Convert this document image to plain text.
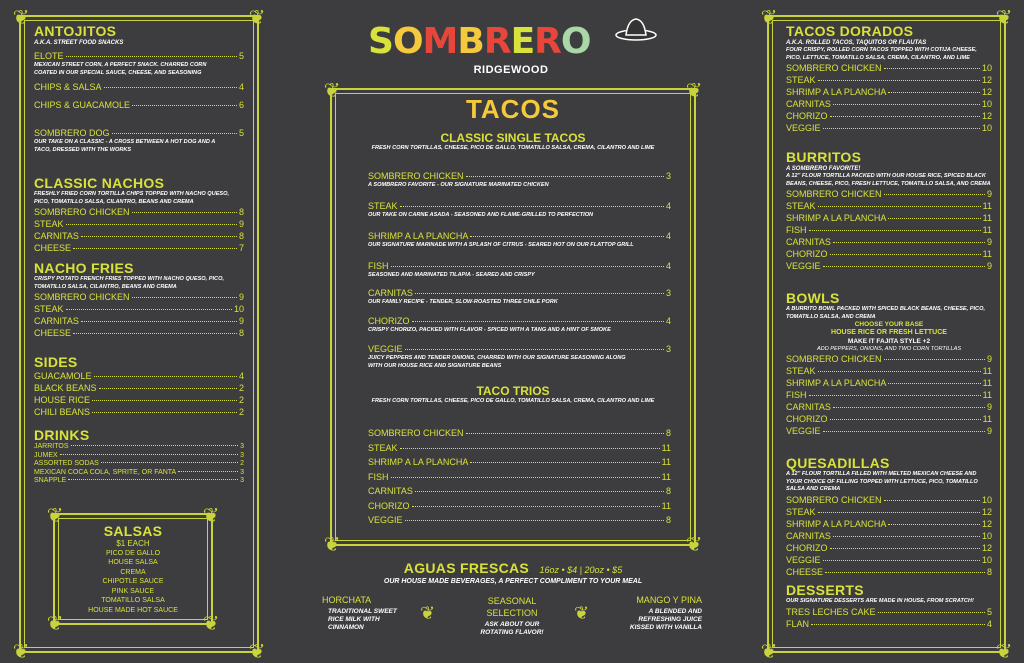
❦	❦
❦	❦
ANTOJITOS
A.K.A. STREET FOOD SNACKS
ELOTE	5
MEXICAN STREET CORN, A PERFECT SNACK. CHARRED CORN COATED IN OUR SPECIAL SAUCE, CHEESE, AND SEASONING
CHIPS & SALSA	4
CHIPS & GUACAMOLE	6
SOMBRERO DOG	5
OUR TAKE ON A CLASSIC - A CROSS BETWEEN A HOT DOG AND A TACO, DRESSED WITH THE WORKS
CLASSIC NACHOS
FRESHLY FRIED CORN TORTILLA CHIPS TOPPED WITH NACHO QUESO, PICO, TOMATILLO SALSA, CILANTRO, BEANS AND CREMA
SOMBRERO CHICKEN	8
STEAK	9
CARNITAS	8
CHEESE	7
NACHO FRIES
CRISPY POTATO FRENCH FRIES TOPPED WITH NACHO QUESO, PICO, TOMATILLO SALSA, CILANTRO, BEANS AND CREMA
SOMBRERO CHICKEN	9
STEAK	10
CARNITAS	9
CHEESE	8
SIDES
GUACAMOLE	4
BLACK BEANS	2
HOUSE RICE	2
CHILI BEANS	2
DRINKS
JARRITOS	3
JUMEX	3
ASSORTED SODAS	2
MEXICAN COCA COLA, SPRITE, OR FANTA	3
SNAPPLE	3
❦	❦
❦	❦
SALSAS
$1 EACH
PICO DE GALLO
HOUSE SALSA
CREMA
CHIPOTLE SAUCE
PINK SAUCE
TOMATILLO SALSA
HOUSE MADE HOT SAUCE
SOMBRERO
RIDGEWOOD
❦	❦
❦	❦
TACOS
CLASSIC SINGLE TACOS
FRESH CORN TORTILLAS, CHEESE, PICO DE GALLO, TOMATILLO SALSA, CREMA, CILANTRO AND LIME
SOMBRERO CHICKEN	3
A SOMBRERO FAVORITE - OUR SIGNATURE MARINATED CHICKEN
STEAK	4
OUR TAKE ON CARNE ASADA - SEASONED AND FLAME-GRILLED TO PERFECTION
SHRIMP A LA PLANCHA	4
OUR SIGNATURE MARINADE WITH A SPLASH OF CITRUS - SEARED HOT ON OUR FLATTOP GRILL
FISH	4
SEASONED AND MARINATED TILAPIA - SEARED AND CRISPY
CARNITAS	3
OUR FAMILY RECIPE - TENDER, SLOW-ROASTED THREE CHILE PORK
CHORIZO	4
CRISPY CHORIZO, PACKED WITH FLAVOR - SPICED WITH A TANG AND A HINT OF SMOKE
VEGGIE	3
JUICY PEPPERS AND TENDER ONIONS, CHARRED WITH OUR SIGNATURE SEASONING ALONG WITH OUR HOUSE RICE AND SIGNATURE BEANS
TACO TRIOS
FRESH CORN TORTILLAS, CHEESE, PICO DE GALLO, TOMATILLO SALSA, CREMA, CILANTRO AND LIME
SOMBRERO CHICKEN	8
STEAK	11
SHRIMP A LA PLANCHA	11
FISH	11
CARNITAS	8
CHORIZO	11
VEGGIE	8
AGUAS FRESCAS 16oz • $4 | 20oz • $5
OUR HOUSE MADE BEVERAGES, A PERFECT COMPLIMENT TO YOUR MEAL
HORCHATA
TRADITIONAL SWEET RICE MILK WITH CINNAMON
❦
SEASONAL SELECTION
ASK ABOUT OUR ROTATING FLAVOR!
❦
MANGO Y PINA
A BLENDED AND REFRESHING JUICE KISSED WITH VANILLA
❦	❦
❦	❦
TACOS DORADOS
A.K.A. ROLLED TACOS, TAQUITOS OR FLAUTAS
FOUR CRISPY, ROLLED CORN TACOS TOPPED WITH COTIJA CHEESE, PICO, LETTUCE, TOMATILLO SALSA, CREMA, CILANTRO, AND LIME
SOMBRERO CHICKEN	10
STEAK	12
SHRIMP A LA PLANCHA	12
CARNITAS	10
CHORIZO	12
VEGGIE	10
BURRITOS
A SOMBRERO FAVORITE!
A 12" FLOUR TORTILLA PACKED WITH OUR HOUSE RICE, SPICED BLACK BEANS, CHEESE, PICO, FRESH LETTUCE, TOMATILLO SALSA, AND CREMA
SOMBRERO CHICKEN	9
STEAK	11
SHRIMP A LA PLANCHA	11
FISH	11
CARNITAS	9
CHORIZO	11
VEGGIE	9
BOWLS
A BURRITO BOWL PACKED WITH SPICED BLACK BEANS, CHEESE, PICO, TOMATILLO SALSA, AND CREMA
CHOOSE YOUR BASE
HOUSE RICE OR FRESH LETTUCE
MAKE IT FAJITA STYLE +2
ADD PEPPERS, ONIONS, AND TWO CORN TORTILLAS
SOMBRERO CHICKEN	9
STEAK	11
SHRIMP A LA PLANCHA	11
FISH	11
CARNITAS	9
CHORIZO	11
VEGGIE	9
QUESADILLAS
A 12" FLOUR TORTILLA FILLED WITH MELTED MEXICAN CHEESE AND YOUR CHOICE OF FILLING TOPPED WITH LETTUCE, PICO, TOMATILLO SALSA AND CREMA
SOMBRERO CHICKEN	10
STEAK	12
SHRIMP A LA PLANCHA	12
CARNITAS	10
CHORIZO	12
VEGGIE	10
CHEESE	8
DESSERTS
OUR SIGNATURE DESSERTS ARE MADE IN HOUSE, FROM SCRATCH!
TRES LECHES CAKE	5
FLAN	4
